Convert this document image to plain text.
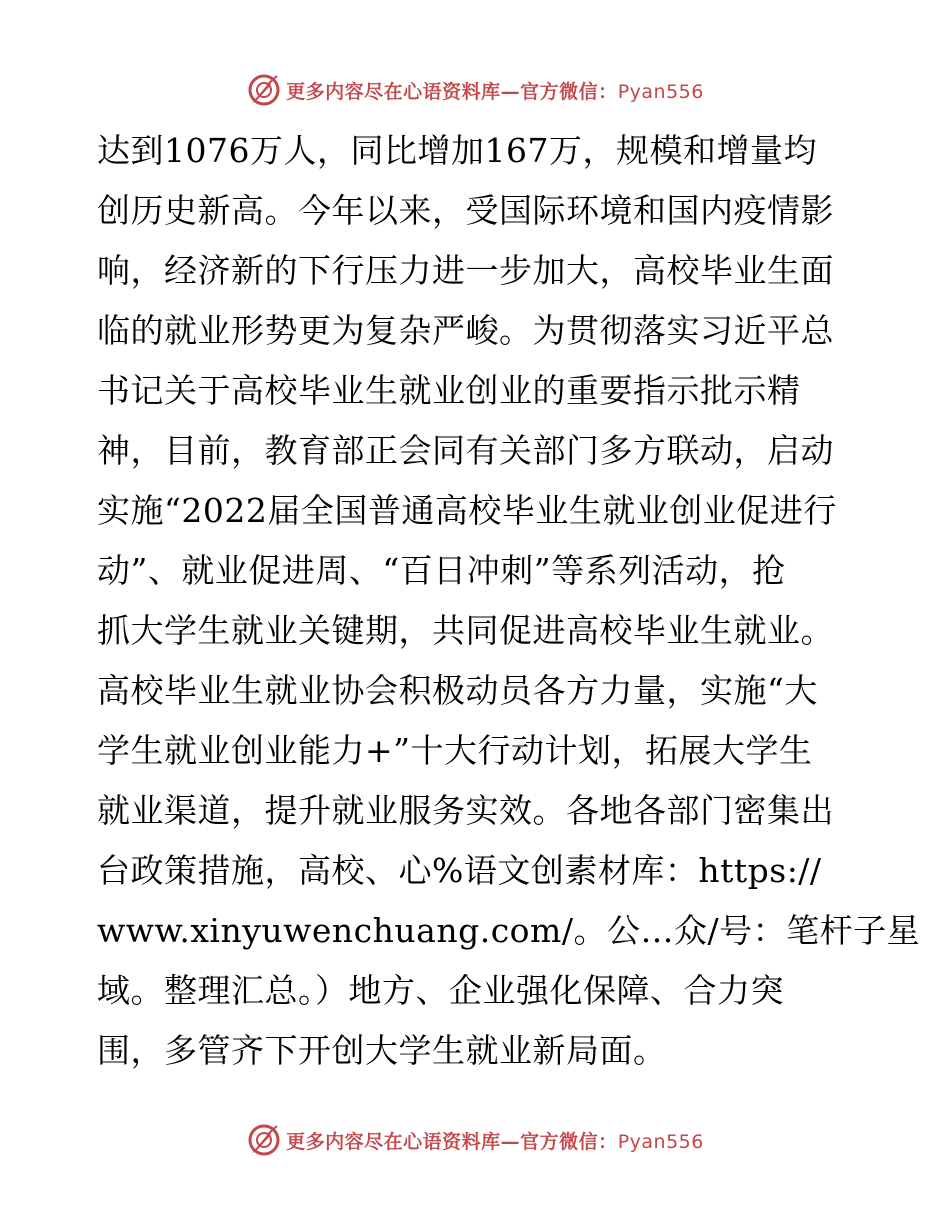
更多内容尽在心语资料库—官方微信：Pyan556
达到1076万人，同比增加167万，规模和增量均
创历史新高。今年以来，受国际环境和国内疫情影
响，经济新的下行压力进一步加大，高校毕业生面
临的就业形势更为复杂严峻。为贯彻落实习近平总
书记关于高校毕业生就业创业的重要指示批示精
神，目前，教育部正会同有关部门多方联动，启动
实施“2022届全国普通高校毕业生就业创业促进行
动”、就业促进周、“百日冲刺”等系列活动，抢
抓大学生就业关键期，共同促进高校毕业生就业。
高校毕业生就业协会积极动员各方力量，实施“大
学生就业创业能力+”十大行动计划，拓展大学生
就业渠道，提升就业服务实效。各地各部门密集出
台政策措施，高校、心%语文创素材库：https://
www.xinyuwenchuang.com/。公…众/号：笔杆子星
域。整理汇总。）地方、企业强化保障、合力突
围，多管齐下开创大学生就业新局面。
更多内容尽在心语资料库—官方微信：Pyan556
